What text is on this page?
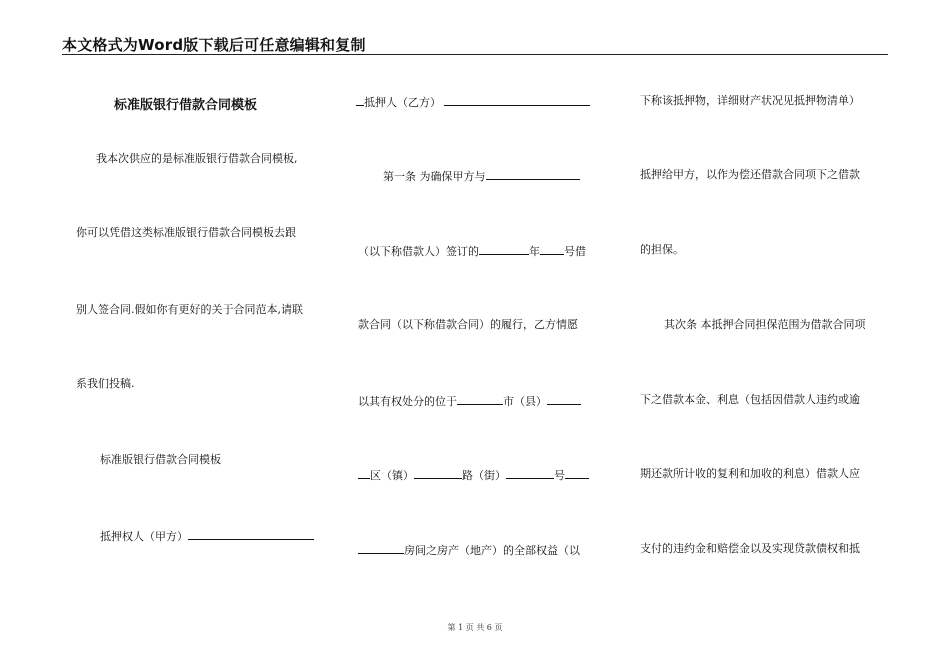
本文格式为Word版下载后可任意编辑和复制
标准版银行借款合同模板
我本次供应的是标准版银行借款合同模板,
你可以凭借这类标准版银行借款合同模板去跟
别人签合同.假如你有更好的关于合同范本,请联
系我们投稿.
标准版银行借款合同模板
抵押权人（甲方）
抵押人（乙方）
第一条 为确保甲方与
（以下称借款人）签订的	年 号借
款合同（以下称借款合同）的履行，乙方情愿
以其有权处分的位于	市（县）
区（镇）	路（街）	号
房间之房产（地产）的全部权益（以
下称该抵押物，详细财产状况见抵押物清单）
抵押给甲方，以作为偿还借款合同项下之借款
的担保。
其次条 本抵押合同担保范围为借款合同项
下之借款本金、利息（包括因借款人违约或逾
期还款所计收的复利和加收的利息）借款人应
支付的违约金和赔偿金以及实现贷款债权和抵
第 1 页 共 6 页
